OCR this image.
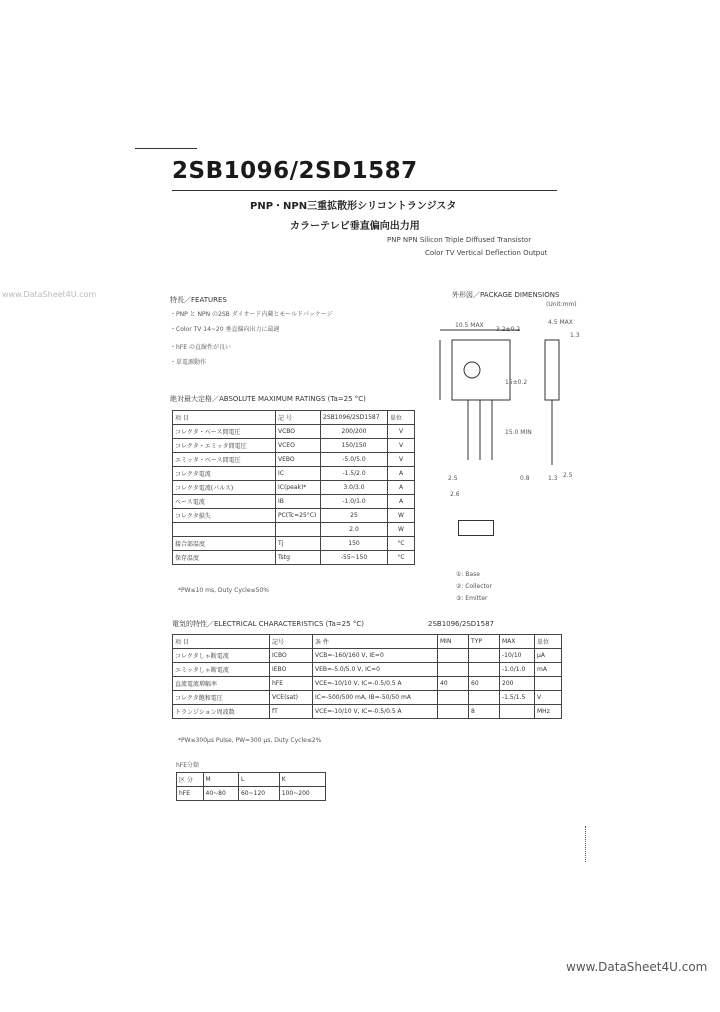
2SB1096/2SD1587
PNP・NPN三重拡散形シリコントランジスタ
カラーテレビ垂直偏向出力用
PNP NPN Silicon Triple Diffused Transistor
Color TV Vertical Deflection Output
www.DataSheet4U.com
www.DataSheet4U.com
特長／FEATURES
・PNP と NPN の2SB ダイオード内蔵とモールドパッケージ
・Color TV 14~20 垂直偏向出力に最適
・hFE の直線性が良い
・単電源動作
絶対最大定格／ABSOLUTE MAXIMUM RATINGS (Ta=25 °C)
項 目	記 号	2SB1096/2SD1587	単位
コレクタ・ベース間電圧	VCBO	200/200	V
コレクタ・エミッタ間電圧	VCEO	150/150	V
エミッタ・ベース間電圧	VEBO	-5.0/5.0	V
コレクタ電流	IC	-1.5/2.0	A
コレクタ電流(パルス)	IC(peak)*	3.0/3.0	A
ベース電流	IB	-1.0/1.0	A
コレクタ損失	PC(Tc=25°C)	25	W
		2.0	W
接合部温度	Tj	150	°C
保存温度	Tstg	-55~150	°C
*PW≤10 ms, Duty Cycle≤50%
外形図／PACKAGE DIMENSIONS
(Unit:mm)
10.5 MAX
3.2±0.2
4.5 MAX
1.3
15.0 MIN
15±0.2
2.5	0.8	1.3 2.5
2.6
①: Base
②: Collector
③: Emitter
電気的特性／ELECTRICAL CHARACTERISTICS (Ta=25 °C)	2SB1096/2SD1587
項 目	記号	条 件	MIN	TYP	MAX	単位
コレクタしゃ断電流	ICBO	VCB=-160/160 V, IE=0			-10/10	μA
エミッタしゃ断電流	IEBO	VEB=-5.0/5.0 V, IC=0			-1.0/1.0	mA
直流電流増幅率	hFE	VCE=-10/10 V, IC=-0.5/0.5 A	40	60	200	
コレクタ飽和電圧	VCE(sat)	IC=-500/500 mA, IB=-50/50 mA			-1.5/1.5	V
トランジション周波数	fT	VCE=-10/10 V, IC=-0.5/0.5 A		8		MHz
*PW≤300μs Pulse, PW=300 μs, Duty Cycle≤2%
hFE分類
区 分	M	L	K
hFE	40~80	60~120	100~200
